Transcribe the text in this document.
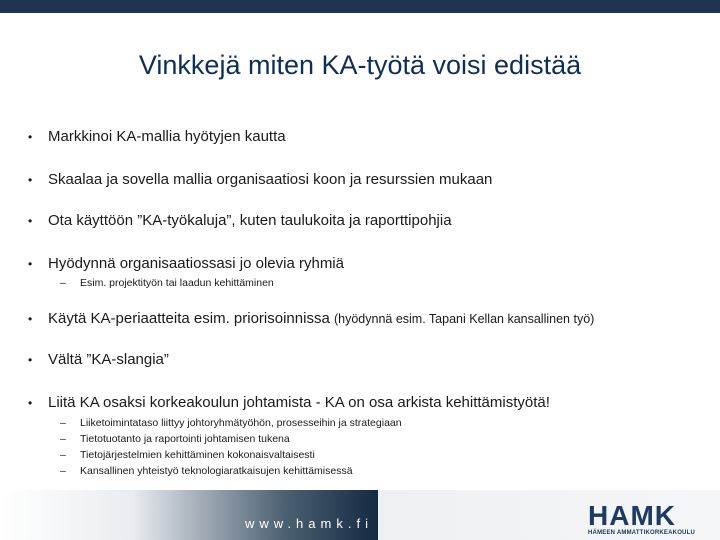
Vinkkejä miten KA-työtä voisi edistää
•	Markkinoi KA-mallia hyötyjen kautta
•	Skaalaa ja sovella mallia organisaatiosi koon ja resurssien mukaan
•	Ota käyttöön ”KA-työkaluja”, kuten taulukoita ja raporttipohjia
•	Hyödynnä organisaatiossasi jo olevia ryhmiä
– Esim. projektityön tai laadun kehittäminen
•	Käytä KA-periaatteita esim. priorisoinnissa (hyödynnä esim. Tapani Kellan kansallinen työ)
•	Vältä ”KA-slangia”
•	Liitä KA osaksi korkeakoulun johtamista - KA on osa arkista kehittämistyötä!
– Liiketoimintataso liittyy johtoryhmätyöhön, prosesseihin ja strategiaan
– Tietotuotanto ja raportointi johtamisen tukena
– Tietojärjestelmien kehittäminen kokonaisvaltaisesti
– Kansallinen yhteistyö teknologiaratkaisujen kehittämisessä
www.hamk.fi	HAMK
HÄMEEN AMMATTIKORKEAKOULU
